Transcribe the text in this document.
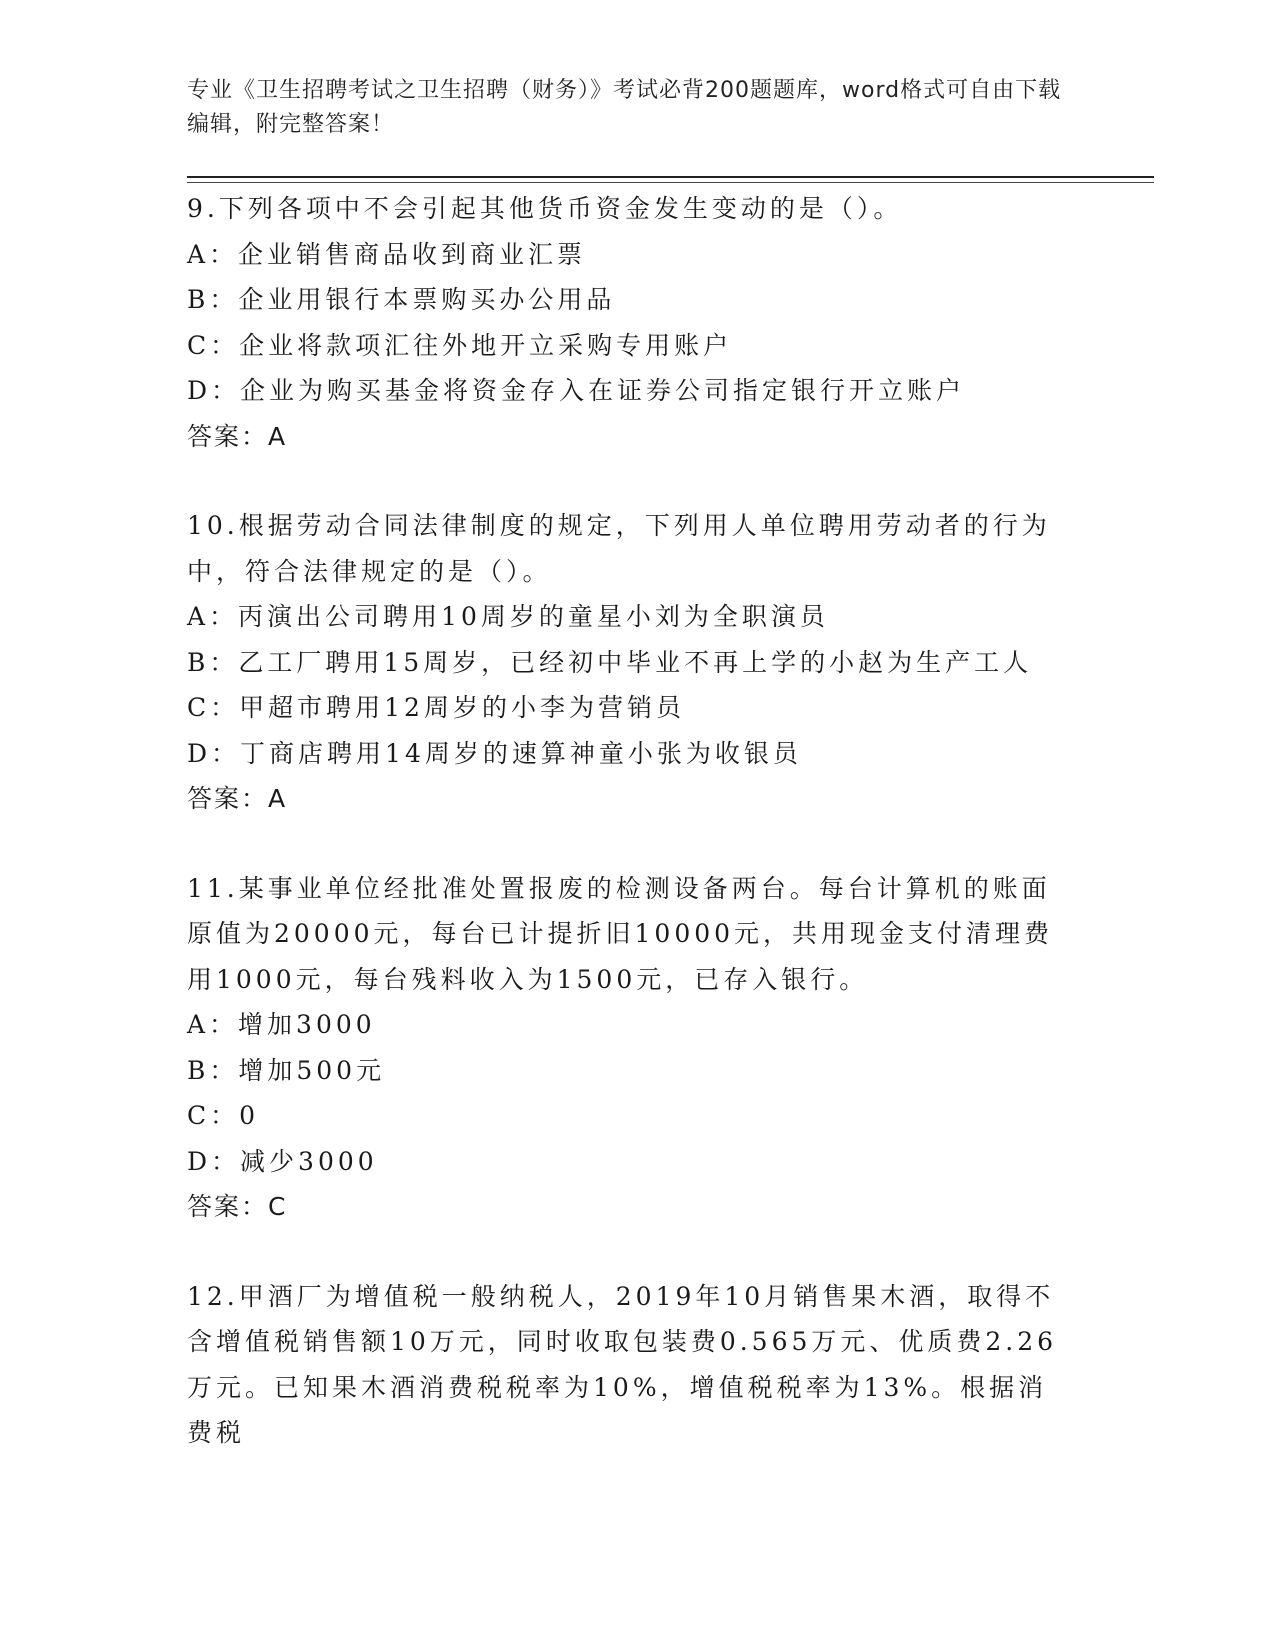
专业《卫生招聘考试之卫生招聘（财务）》考试必背200题题库，word格式可自由下载编辑，附完整答案！
9.下列各项中不会引起其他货币资金发生变动的是（）。
A：企业销售商品收到商业汇票
B：企业用银行本票购买办公用品
C：企业将款项汇往外地开立采购专用账户
D：企业为购买基金将资金存入在证券公司指定银行开立账户
答案：A
10.根据劳动合同法律制度的规定，下列用人单位聘用劳动者的行为中，符合法律规定的是（）。
A：丙演出公司聘用10周岁的童星小刘为全职演员
B：乙工厂聘用15周岁，已经初中毕业不再上学的小赵为生产工人
C：甲超市聘用12周岁的小李为营销员
D：丁商店聘用14周岁的速算神童小张为收银员
答案：A
11.某事业单位经批准处置报废的检测设备两台。每台计算机的账面原值为20000元，每台已计提折旧10000元，共用现金支付清理费用1000元，每台残料收入为1500元，已存入银行。
A：增加3000
B：增加500元
C：0
D：减少3000
答案：C
12.甲酒厂为增值税一般纳税人，2019年10月销售果木酒，取得不含增值税销售额10万元，同时收取包装费0.565万元、优质费2.26万元。已知果木酒消费税税率为10%，增值税税率为13%。根据消费税
